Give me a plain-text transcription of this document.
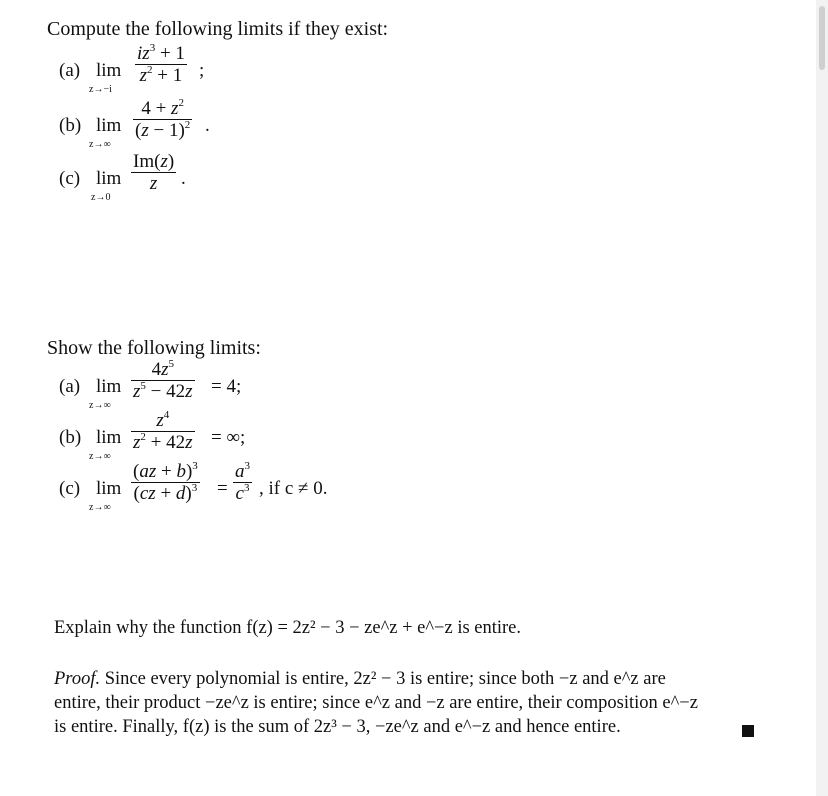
Compute the following limits if they exist:
(a) lim
z→−i
$iz^3 + 1$
$z^2 + 1$ ;
(b) lim
z→∞
$4 + z^2$
$(z - 1)^2$ .
(c) lim
z→0
Im(z)
z	.
Show the following limits:
(a) lim
z→∞
$4z^5$
$z^5 - 42z = 4$;
(b) lim
z→∞
$z^4$
$z^2 + 42z$ = ∞;
(c) lim
z→∞
(az + b)$^3$
(cz + d)$^3$ =
$a^3$
$c^3$ , if c ≠ 0.
Explain why the function f(z) = 2z² − 3 − ze^z + e^−z is entire.
Proof. Since every polynomial is entire, 2z² − 3 is entire; since both −z and e^z are
entire, their product −ze^z is entire; since e^z and −z are entire, their composition e^−z
is entire. Finally, f(z) is the sum of 2z³ − 3, −ze^z and e^−z and hence entire.
